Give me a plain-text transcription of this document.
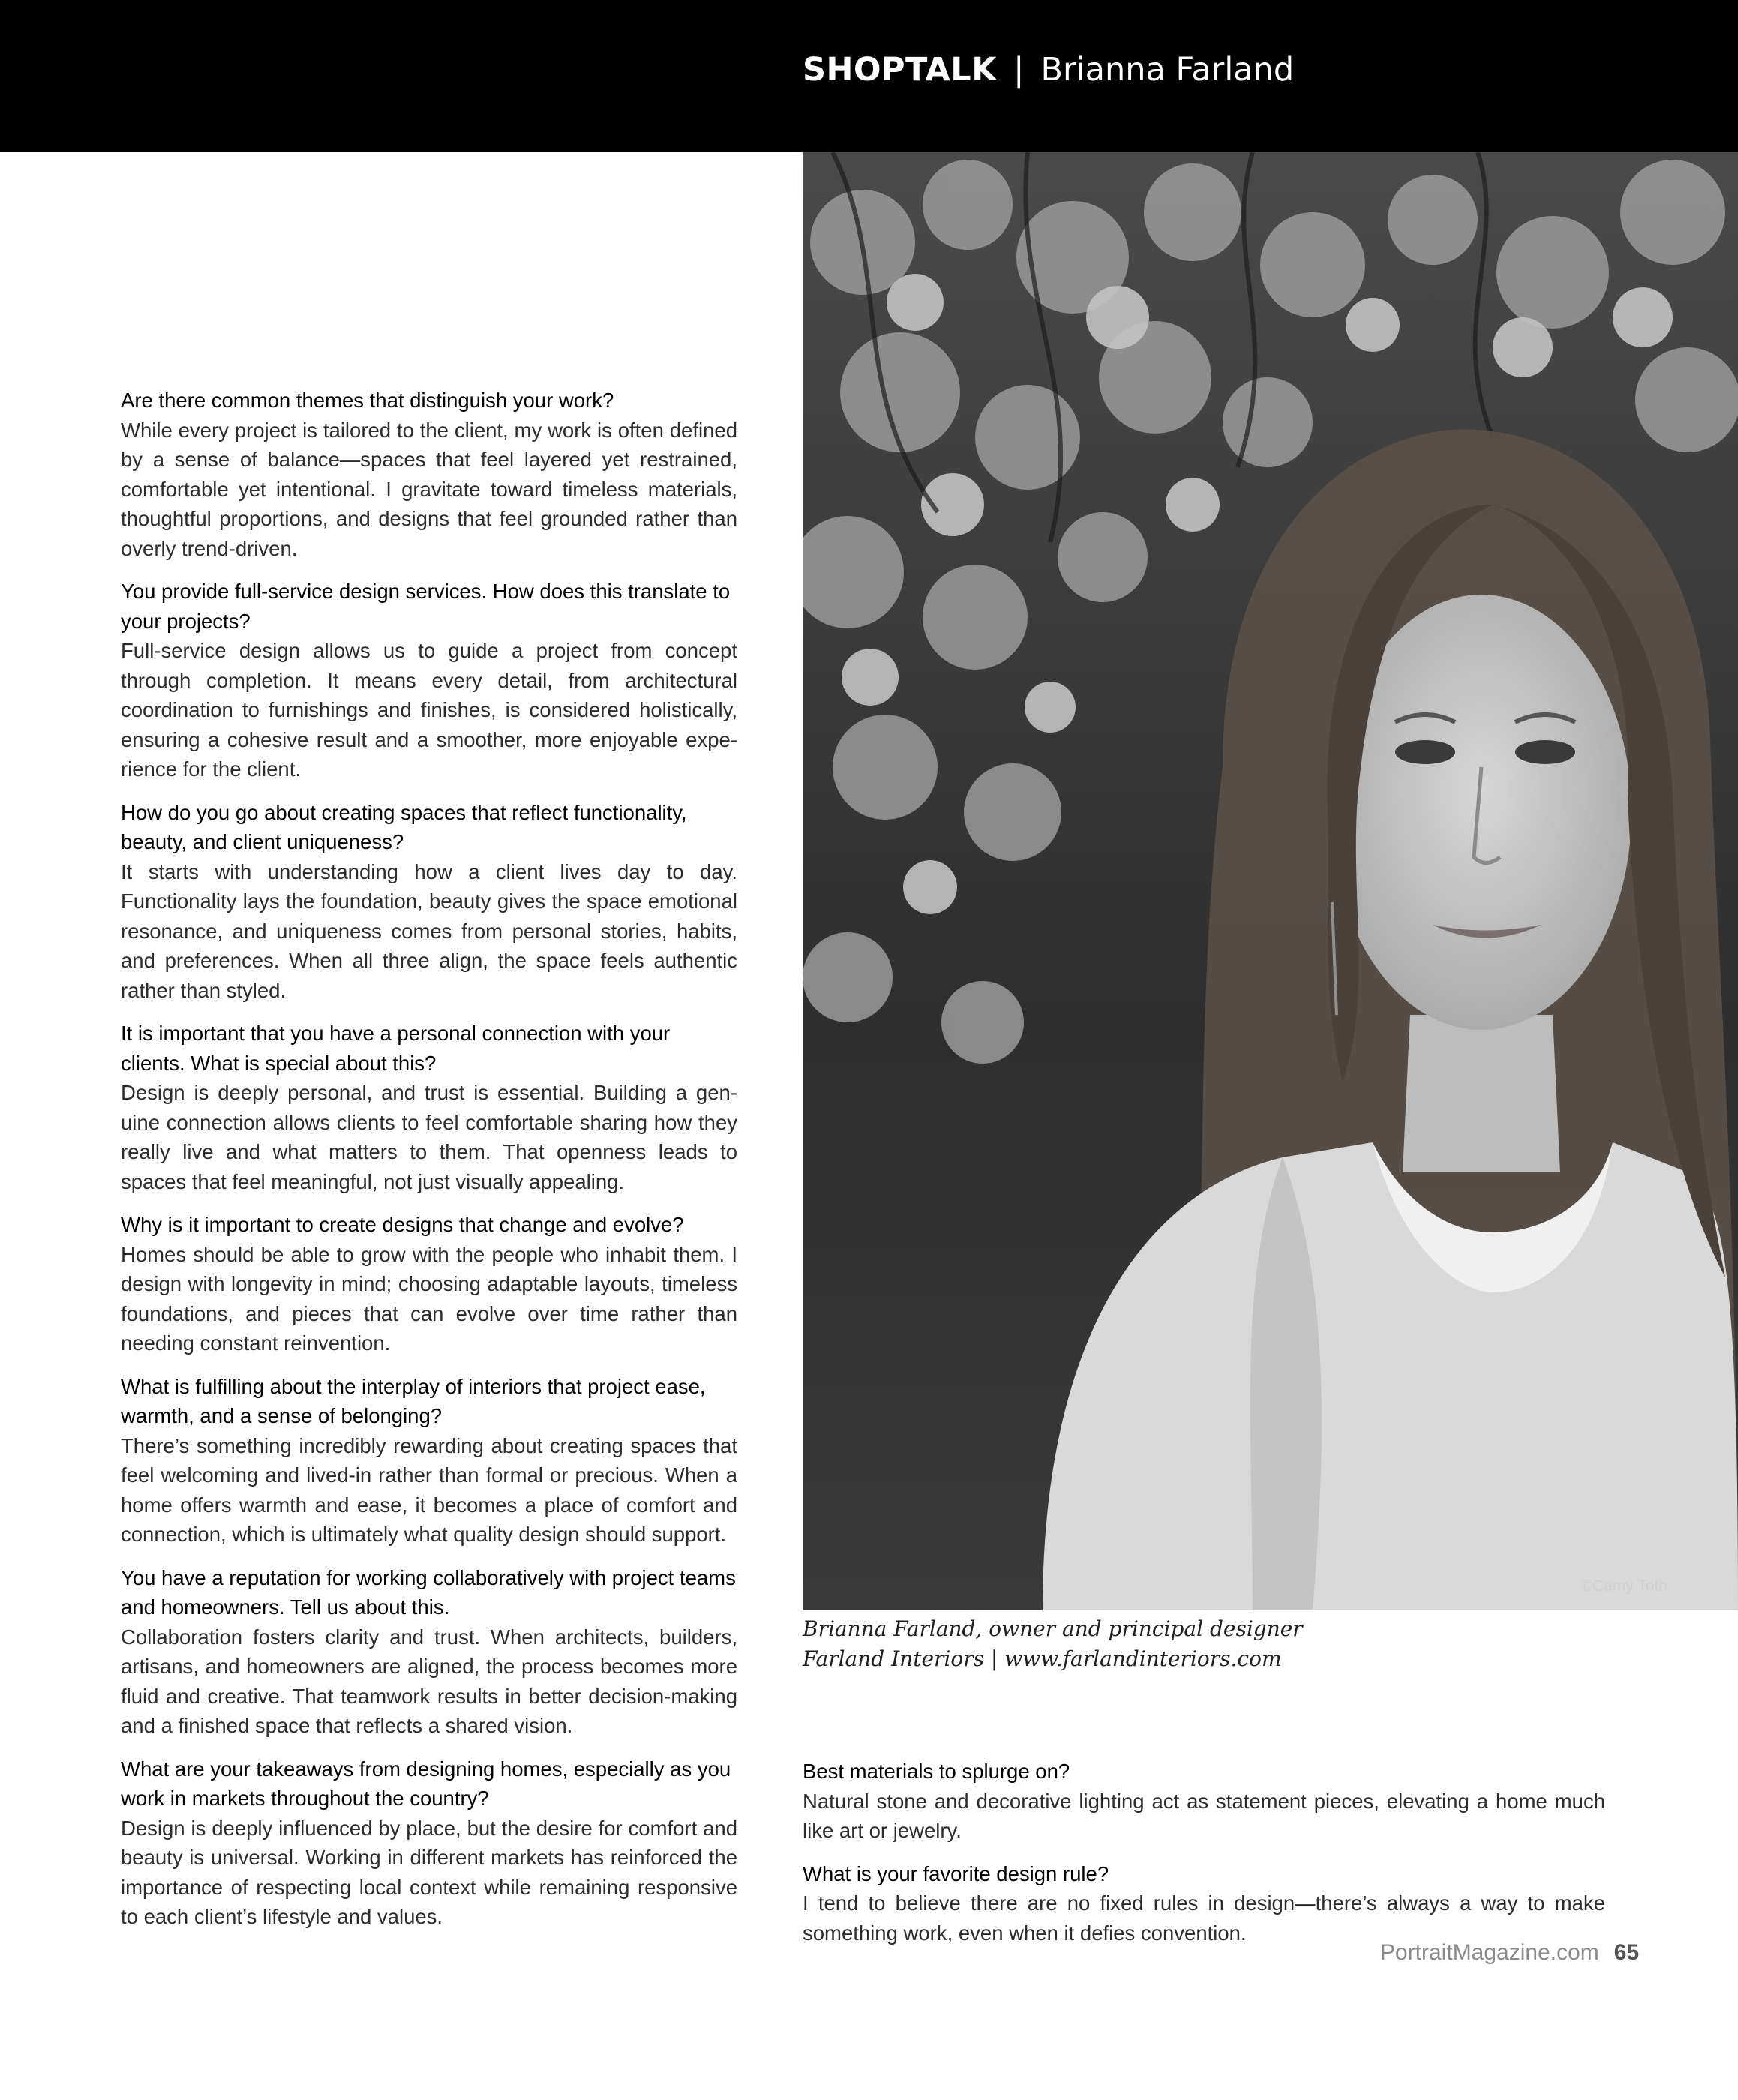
SHOPTALK | Brianna Farland

Are there common themes that distinguish your work?

While every project is tailored to the client, my work is often defined by a sense of balance—spaces that feel layered yet restrained, comfortable yet intentional. I gravitate toward timeless materials, thoughtful proportions, and designs that feel grounded rather than overly trend-driven.

You provide full-service design services. How does this translate to your projects?

Full-service design allows us to guide a project from concept through completion. It means every detail, from architectural coordination to furnishings and finishes, is considered holistically, ensuring a cohesive result and a smoother, more enjoyable experience for the client.

How do you go about creating spaces that reflect functionality, beauty, and client uniqueness?

It starts with understanding how a client lives day to day. Functionality lays the foundation, beauty gives the space emotional resonance, and uniqueness comes from personal stories, habits, and preferences. When all three align, the space feels authentic rather than styled.

It is important that you have a personal connection with your clients. What is special about this?

Design is deeply personal, and trust is essential. Building a genuine connection allows clients to feel comfortable sharing how they really live and what matters to them. That openness leads to spaces that feel meaningful, not just visually appealing.

Why is it important to create designs that change and evolve?

Homes should be able to grow with the people who inhabit them. I design with longevity in mind; choosing adaptable layouts, timeless foundations, and pieces that can evolve over time rather than needing constant reinvention.

What is fulfilling about the interplay of interiors that project ease, warmth, and a sense of belonging?

There’s something incredibly rewarding about creating spaces that feel welcoming and lived-in rather than formal or precious. When a home offers warmth and ease, it becomes a place of comfort and connection, which is ultimately what quality design should support.

You have a reputation for working collaboratively with project teams and homeowners. Tell us about this.

Collaboration fosters clarity and trust. When architects, builders, artisans, and homeowners are aligned, the process becomes more fluid and creative. That teamwork results in better decision-making and a finished space that reflects a shared vision.

What are your takeaways from designing homes, especially as you work in markets throughout the country?

Design is deeply influenced by place, but the desire for comfort and beauty is universal. Working in different markets has reinforced the importance of respecting local context while remaining responsive to each client’s lifestyle and values.

©Camy Toth
Brianna Farland, owner and principal designer
Farland Interiors | www.farlandinteriors.com

Best materials to splurge on?

Natural stone and decorative lighting act as statement pieces, elevating a home much like art or jewelry.

What is your favorite design rule?

I tend to believe there are no fixed rules in design—there’s always a way to make something work, even when it defies convention.

PortraitMagazine.com 65
